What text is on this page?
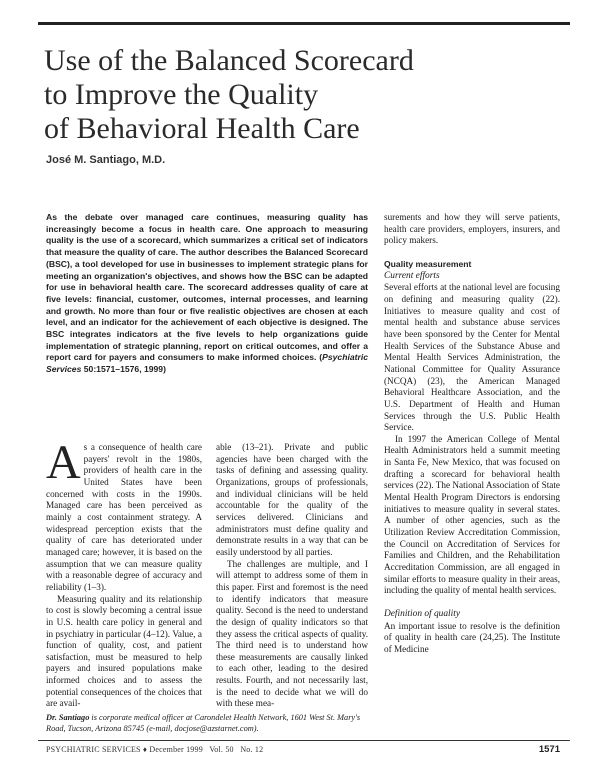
Use of the Balanced Scorecard
to Improve the Quality
of Behavioral Health Care
José M. Santiago, M.D.
As the debate over managed care continues, measuring quality has increasingly become a focus in health care. One approach to measuring quality is the use of a scorecard, which summarizes a critical set of indicators that measure the quality of care. The author describes the Balanced Scorecard (BSC), a tool developed for use in businesses to implement strategic plans for meeting an organization's objectives, and shows how the BSC can be adapted for use in behavioral health care. The scorecard addresses quality of care at five levels: financial, customer, outcomes, internal processes, and learning and growth. No more than four or five realistic objectives are chosen at each level, and an indicator for the achievement of each objective is designed. The BSC integrates indicators at the five levels to help organizations guide implementation of strategic planning, report on critical outcomes, and offer a report card for payers and consumers to make informed choices. (Psychiatric Services 50:1571–1576, 1999)

As a consequence of health care payers' revolt in the 1980s, providers of health care in the United States have been concerned with costs in the 1990s. Managed care has been perceived as mainly a cost containment strategy. A widespread perception exists that the quality of care has deteriorated under managed care; however, it is based on the assumption that we can measure quality with a reasonable degree of accuracy and reliability (1–3).

Measuring quality and its relationship to cost is slowly becoming a central issue in U.S. health care policy in general and in psychiatry in particular (4–12). Value, a function of quality, cost, and patient satisfaction, must be measured to help payers and insured populations make informed choices and to assess the potential consequences of the choices that are avail-

able (13–21). Private and public agencies have been charged with the tasks of defining and assessing quality. Organizations, groups of professionals, and individual clinicians will be held accountable for the quality of the services delivered. Clinicians and administrators must define quality and demonstrate results in a way that can be easily understood by all parties.

The challenges are multiple, and I will attempt to address some of them in this paper. First and foremost is the need to identify indicators that measure quality. Second is the need to understand the design of quality indicators so that they assess the critical aspects of quality. The third need is to understand how these measurements are causally linked to each other, leading to the desired results. Fourth, and not necessarily last, is the need to decide what we will do with these mea-

surements and how they will serve patients, health care providers, employers, insurers, and policy makers.

Quality measurement
Current efforts

Several efforts at the national level are focusing on defining and measuring quality (22). Initiatives to measure quality and cost of mental health and substance abuse services have been sponsored by the Center for Mental Health Services of the Substance Abuse and Mental Health Services Administration, the National Committee for Quality Assurance (NCQA) (23), the American Managed Behavioral Healthcare Association, and the U.S. Department of Health and Human Services through the U.S. Public Health Service.

In 1997 the American College of Mental Health Administrators held a summit meeting in Santa Fe, New Mexico, that was focused on drafting a scorecard for behavioral health services (22). The National Association of State Mental Health Program Directors is endorsing initiatives to measure quality in several states. A number of other agencies, such as the Utilization Review Accreditation Commission, the Council on Accreditation of Services for Families and Children, and the Rehabilitation Accreditation Commission, are all engaged in similar efforts to measure quality in their areas, including the quality of mental health services.

Definition of quality

An important issue to resolve is the definition of quality in health care (24,25). The Institute of Medicine

Dr. Santiago is corporate medical officer at Carondelet Health Network, 1601 West St. Mary's Road, Tucson, Arizona 85745 (e-mail, docjose@azstarnet.com).
PSYCHIATRIC SERVICES ♦ December 1999   Vol. 50   No. 12	1571
